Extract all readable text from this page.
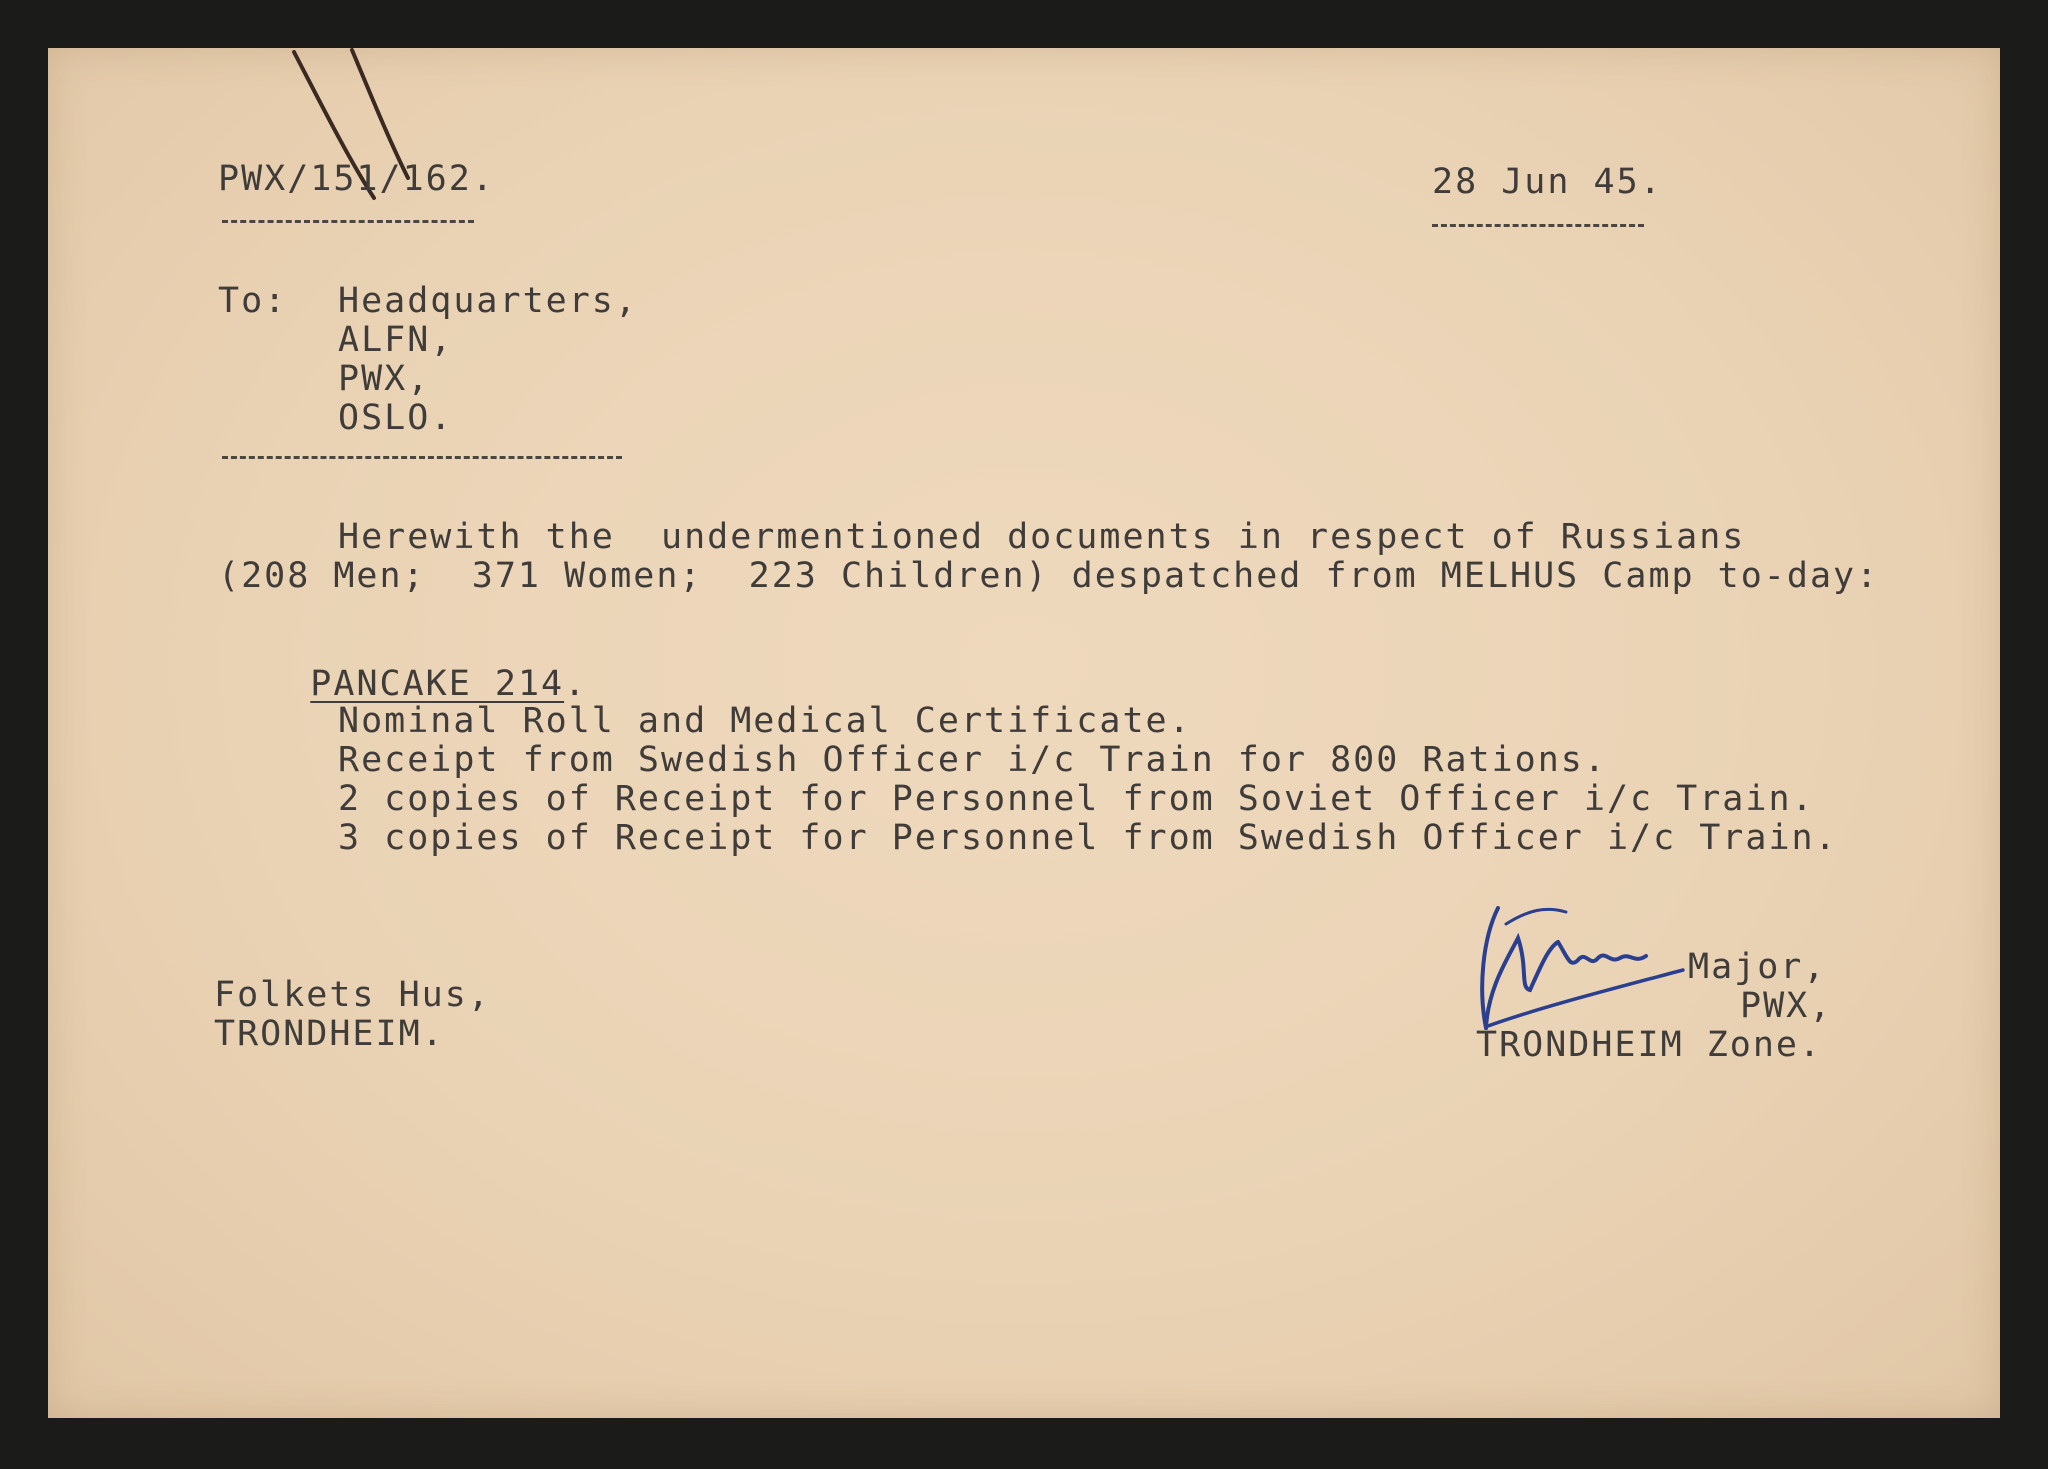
PWX/151/162.	28 Jun 45.
To: Headquarters,
ALFN,
PWX,
OSLO.
Herewith the  undermentioned documents in respect of Russians
(208 Men;  371 Women;  223 Children) despatched from MELHUS Camp to-day:

PANCAKE 214.

Nominal Roll and Medical Certificate.
Receipt from Swedish Officer i/c Train for 800 Rations.
2 copies of Receipt for Personnel from Soviet Officer i/c Train.
3 copies of Receipt for Personnel from Swedish Officer i/c Train.
Folkets Hus,
TRONDHEIM.
Major,
PWX,
TRONDHEIM Zone.
